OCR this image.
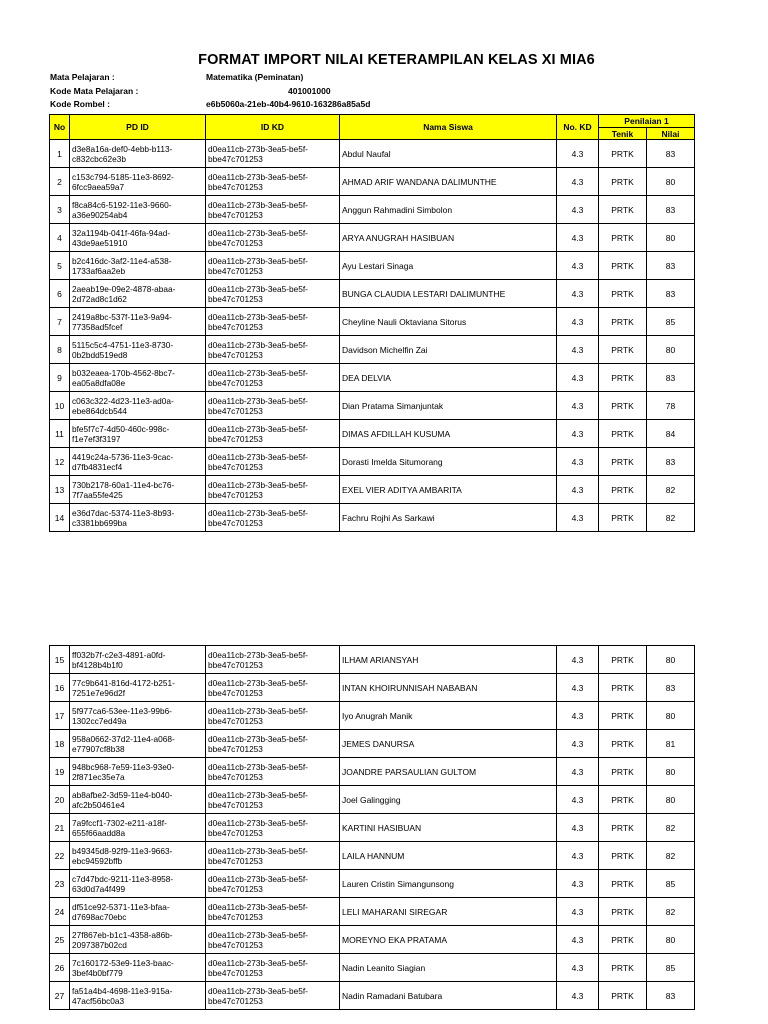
FORMAT IMPORT NILAI KETERAMPILAN KELAS XI MIA6
Mata Pelajaran :	Matematika (Peminatan)
Kode Mata Pelajaran :	401001000
Kode Rombel :	e6b5060a-21eb-40b4-9610-163286a85a5d
No	PD ID	ID KD	Nama Siswa	No. KD	Penilaian 1	
					Tenik	Nilai
1	d3e8a16a-def0-4ebb-b113-c832cbc62e3b	d0ea11cb-273b-3ea5-be5f-bbe47c701253	Abdul Naufal	4.3	PRTK	83
2	c153c794-5185-11e3-8692-6fcc9aea59a7	d0ea11cb-273b-3ea5-be5f-bbe47c701253	AHMAD ARIF WANDANA DALIMUNTHE	4.3	PRTK	80
3	f8ca84c6-5192-11e3-9660-a36e90254ab4	d0ea11cb-273b-3ea5-be5f-bbe47c701253	Anggun Rahmadini Simbolon	4.3	PRTK	83
4	32a1194b-041f-46fa-94ad-43de9ae51910	d0ea11cb-273b-3ea5-be5f-bbe47c701253	ARYA ANUGRAH HASIBUAN	4.3	PRTK	80
5	b2c416dc-3af2-11e4-a538-1733af6aa2eb	d0ea11cb-273b-3ea5-be5f-bbe47c701253	Ayu Lestari Sinaga	4.3	PRTK	83
6	2aeab19e-09e2-4878-abaa-2d72ad8c1d62	d0ea11cb-273b-3ea5-be5f-bbe47c701253	BUNGA CLAUDIA LESTARI DALIMUNTHE	4.3	PRTK	83
7	2419a8bc-537f-11e3-9a94-77358ad5fcef	d0ea11cb-273b-3ea5-be5f-bbe47c701253	Cheyline Nauli Oktaviana Sitorus	4.3	PRTK	85
8	5115c5c4-4751-11e3-8730-0b2bdd519ed8	d0ea11cb-273b-3ea5-be5f-bbe47c701253	Davidson Michelfin Zai	4.3	PRTK	80
9	b032eaea-170b-4562-8bc7-ea05a8dfa08e	d0ea11cb-273b-3ea5-be5f-bbe47c701253	DEA DELVIA	4.3	PRTK	83
10	c063c322-4d23-11e3-ad0a-ebe864dcb544	d0ea11cb-273b-3ea5-be5f-bbe47c701253	Dian Pratama Simanjuntak	4.3	PRTK	78
11	bfe5f7c7-4d50-460c-998c-f1e7ef3f3197	d0ea11cb-273b-3ea5-be5f-bbe47c701253	DIMAS AFDILLAH KUSUMA	4.3	PRTK	84
12	4419c24a-5736-11e3-9cac-d7fb4831ecf4	d0ea11cb-273b-3ea5-be5f-bbe47c701253	Dorasti Imelda Situmorang	4.3	PRTK	83
13	730b2178-60a1-11e4-bc76-7f7aa55fe425	d0ea11cb-273b-3ea5-be5f-bbe47c701253	EXEL VIER ADITYA AMBARITA	4.3	PRTK	82
14	e36d7dac-5374-11e3-8b93-c3381bb699ba	d0ea11cb-273b-3ea5-be5f-bbe47c701253	Fachru Rojhi As Sarkawi	4.3	PRTK	82
15	ff032b7f-c2e3-4891-a0fd-bf4128b4b1f0	d0ea11cb-273b-3ea5-be5f-bbe47c701253	ILHAM ARIANSYAH	4.3	PRTK	80
16	77c9b641-816d-4172-b251-7251e7e96d2f	d0ea11cb-273b-3ea5-be5f-bbe47c701253	INTAN KHOIRUNNISAH NABABAN	4.3	PRTK	83
17	5f977ca6-53ee-11e3-99b6-1302cc7ed49a	d0ea11cb-273b-3ea5-be5f-bbe47c701253	Iyo Anugrah Manik	4.3	PRTK	80
18	958a0662-37d2-11e4-a068-e77907cf8b38	d0ea11cb-273b-3ea5-be5f-bbe47c701253	JEMES DANURSA	4.3	PRTK	81
19	948bc968-7e59-11e3-93e0-2f871ec35e7a	d0ea11cb-273b-3ea5-be5f-bbe47c701253	JOANDRE PARSAULIAN GULTOM	4.3	PRTK	80
20	ab8afbe2-3d59-11e4-b040-afc2b50461e4	d0ea11cb-273b-3ea5-be5f-bbe47c701253	Joel Galingging	4.3	PRTK	80
21	7a9fccf1-7302-e211-a18f-655f66aadd8a	d0ea11cb-273b-3ea5-be5f-bbe47c701253	KARTINI HASIBUAN	4.3	PRTK	82
22	b49345d8-92f9-11e3-9663-ebc94592bffb	d0ea11cb-273b-3ea5-be5f-bbe47c701253	LAILA HANNUM	4.3	PRTK	82
23	c7d47bdc-9211-11e3-8958-63d0d7a4f499	d0ea11cb-273b-3ea5-be5f-bbe47c701253	Lauren Cristin Simangunsong	4.3	PRTK	85
24	df51ce92-5371-11e3-bfaa-d7698ac70ebc	d0ea11cb-273b-3ea5-be5f-bbe47c701253	LELI MAHARANI SIREGAR	4.3	PRTK	82
25	27f867eb-b1c1-4358-a86b-2097387b02cd	d0ea11cb-273b-3ea5-be5f-bbe47c701253	MOREYNO EKA PRATAMA	4.3	PRTK	80
26	7c160172-53e9-11e3-baac-3bef4b0bf779	d0ea11cb-273b-3ea5-be5f-bbe47c701253	Nadin Leanito Siagian	4.3	PRTK	85
27	fa51a4b4-4698-11e3-915a-47acf56bc0a3	d0ea11cb-273b-3ea5-be5f-bbe47c701253	Nadin Ramadani Batubara	4.3	PRTK	83
